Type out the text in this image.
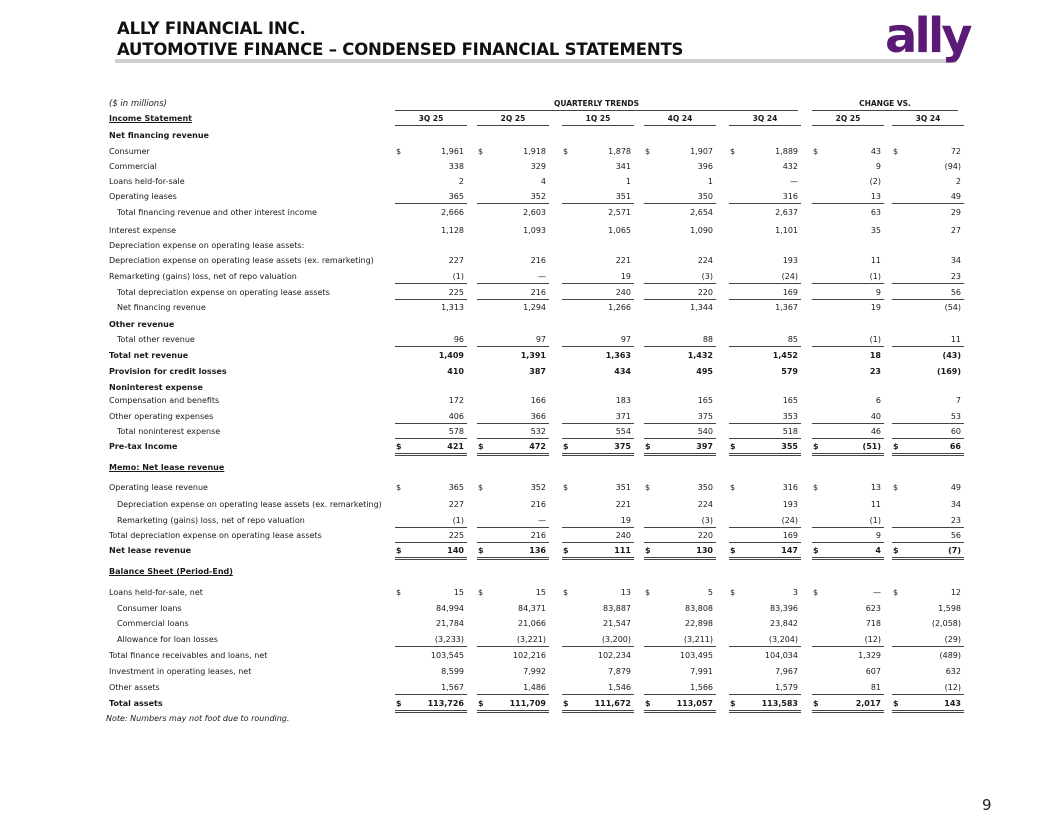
ALLY FINANCIAL INC.
AUTOMOTIVE FINANCE – CONDENSED FINANCIAL STATEMENTS	ally
($ in millions)	QUARTERLY TRENDS	CHANGE VS.
Income Statement	3Q 25	2Q 25	1Q 25	4Q 24	3Q 24	2Q 25	3Q 24
Net financing revenue
Consumer	$	1,961 $	1,918 $	1,878 $	1,907 $	1,889 $	43 $	72
Commercial	338	329	341	396	432	9	(94)
Loans held-for-sale	2	4	1	1	—	(2)	2
Operating leases	365	352	351	350	316	13	49
Total financing revenue and other interest income	2,666	2,603	2,571	2,654	2,637	63	29
Interest expense	1,128	1,093	1,065	1,090	1,101	35	27
Depreciation expense on operating lease assets:
Depreciation expense on operating lease assets (ex. remarketing)	227	216	221	224	193	11	34
Remarketing (gains) loss, net of repo valuation	(1)	—	19	(3)	(24)	(1)	23
Total depreciation expense on operating lease assets	225	216	240	220	169	9	56
Net financing revenue	1,313	1,294	1,266	1,344	1,367	19	(54)
Other revenue
Total other revenue	96	97	97	88	85	(1)	11
Total net revenue	1,409	1,391	1,363	1,432	1,452	18	(43)
Provision for credit losses	410	387	434	495	579	23	(169)
Noninterest expense
Compensation and benefits	172	166	183	165	165	6	7
Other operating expenses	406	366	371	375	353	40	53
Total noninterest expense	578	532	554	540	518	46	60
Pre-tax Income	$	421 $	472 $	375 $	397 $	355 $	(51) $	66
Memo: Net lease revenue
Operating lease revenue	$	365 $	352 $	351 $	350 $	316 $	13 $	49
Depreciation expense on operating lease assets (ex. remarketing)	227	216	221	224	193	11	34
Remarketing (gains) loss, net of repo valuation	(1)	—	19	(3)	(24)	(1)	23
Total depreciation expense on operating lease assets	225	216	240	220	169	9	56
Net lease revenue	$	140 $	136 $	111 $	130 $	147 $	4 $	(7)
Balance Sheet (Period-End)
Loans held-for-sale, net	$	15 $	15 $	13 $	5 $	3 $	— $	12
Consumer loans	84,994	84,371	83,887	83,808	83,396	623	1,598
Commercial loans	21,784	21,066	21,547	22,898	23,842	718	(2,058)
Allowance for loan losses	(3,233)	(3,221)	(3,200)	(3,211)	(3,204)	(12)	(29)
Total finance receivables and loans, net	103,545	102,216	102,234	103,495	104,034	1,329	(489)
Investment in operating leases, net	8,599	7,992	7,879	7,991	7,967	607	632
Other assets	1,567	1,486	1,546	1,566	1,579	81	(12)
Total assets	$	113,726 $	111,709 $	111,672 $	113,057 $	113,583 $	2,017 $	143
Note: Numbers may not foot due to rounding.
9
